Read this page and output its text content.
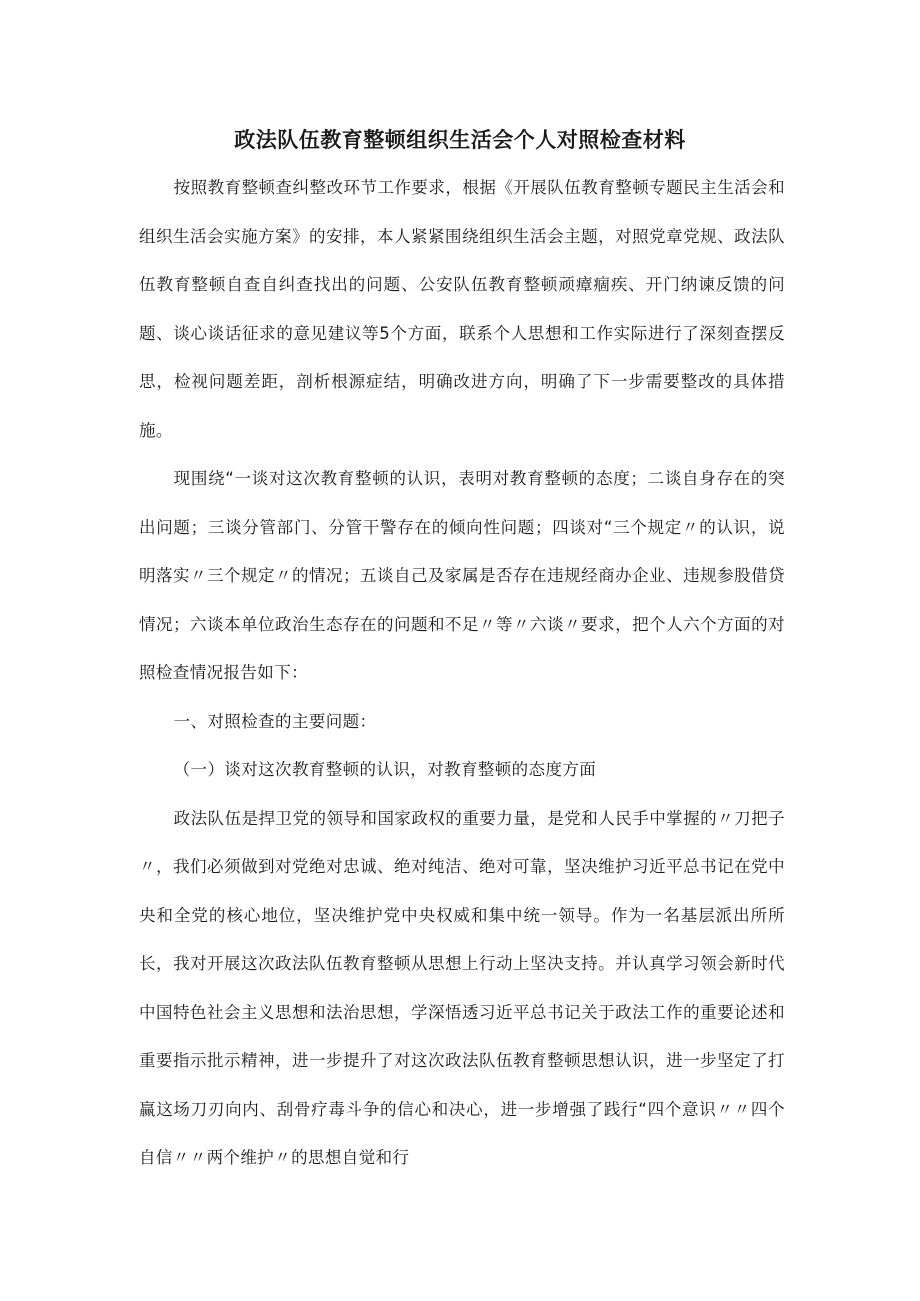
政法队伍教育整顿组织生活会个人对照检查材料

按照教育整顿查纠整改环节工作要求，根据《开展队伍教育整顿专题民主生活会和组织生活会实施方案》的安排，本人紧紧围绕组织生活会主题，对照党章党规、政法队伍教育整顿自查自纠查找出的问题、公安队伍教育整顿顽瘴痼疾、开门纳谏反馈的问题、谈心谈话征求的意见建议等5个方面，联系个人思想和工作实际进行了深刻查摆反思，检视问题差距，剖析根源症结，明确改进方向，明确了下一步需要整改的具体措施。

现围绕“一谈对这次教育整顿的认识，表明对教育整顿的态度；二谈自身存在的突出问题；三谈分管部门、分管干警存在的倾向性问题；四谈对“三个规定〃的认识，说明落实〃三个规定〃的情况；五谈自己及家属是否存在违规经商办企业、违规参股借贷情况；六谈本单位政治生态存在的问题和不足〃等〃六谈〃要求，把个人六个方面的对照检查情况报告如下：

一、对照检查的主要问题：

（一）谈对这次教育整顿的认识，对教育整顿的态度方面

政法队伍是捍卫党的领导和国家政权的重要力量，是党和人民手中掌握的〃刀把子〃，我们必须做到对党绝对忠诚、绝对纯洁、绝对可靠，坚决维护习近平总书记在党中央和全党的核心地位，坚决维护党中央权威和集中统一领导。作为一名基层派出所所长，我对开展这次政法队伍教育整顿从思想上行动上坚决支持。并认真学习领会新时代中国特色社会主义思想和法治思想，学深悟透习近平总书记关于政法工作的重要论述和重要指示批示精神，进一步提升了对这次政法队伍教育整顿思想认识，进一步坚定了打赢这场刀刃向内、刮骨疗毒斗争的信心和决心，进一步增强了践行“四个意识〃〃四个自信〃〃两个维护〃的思想自觉和行
